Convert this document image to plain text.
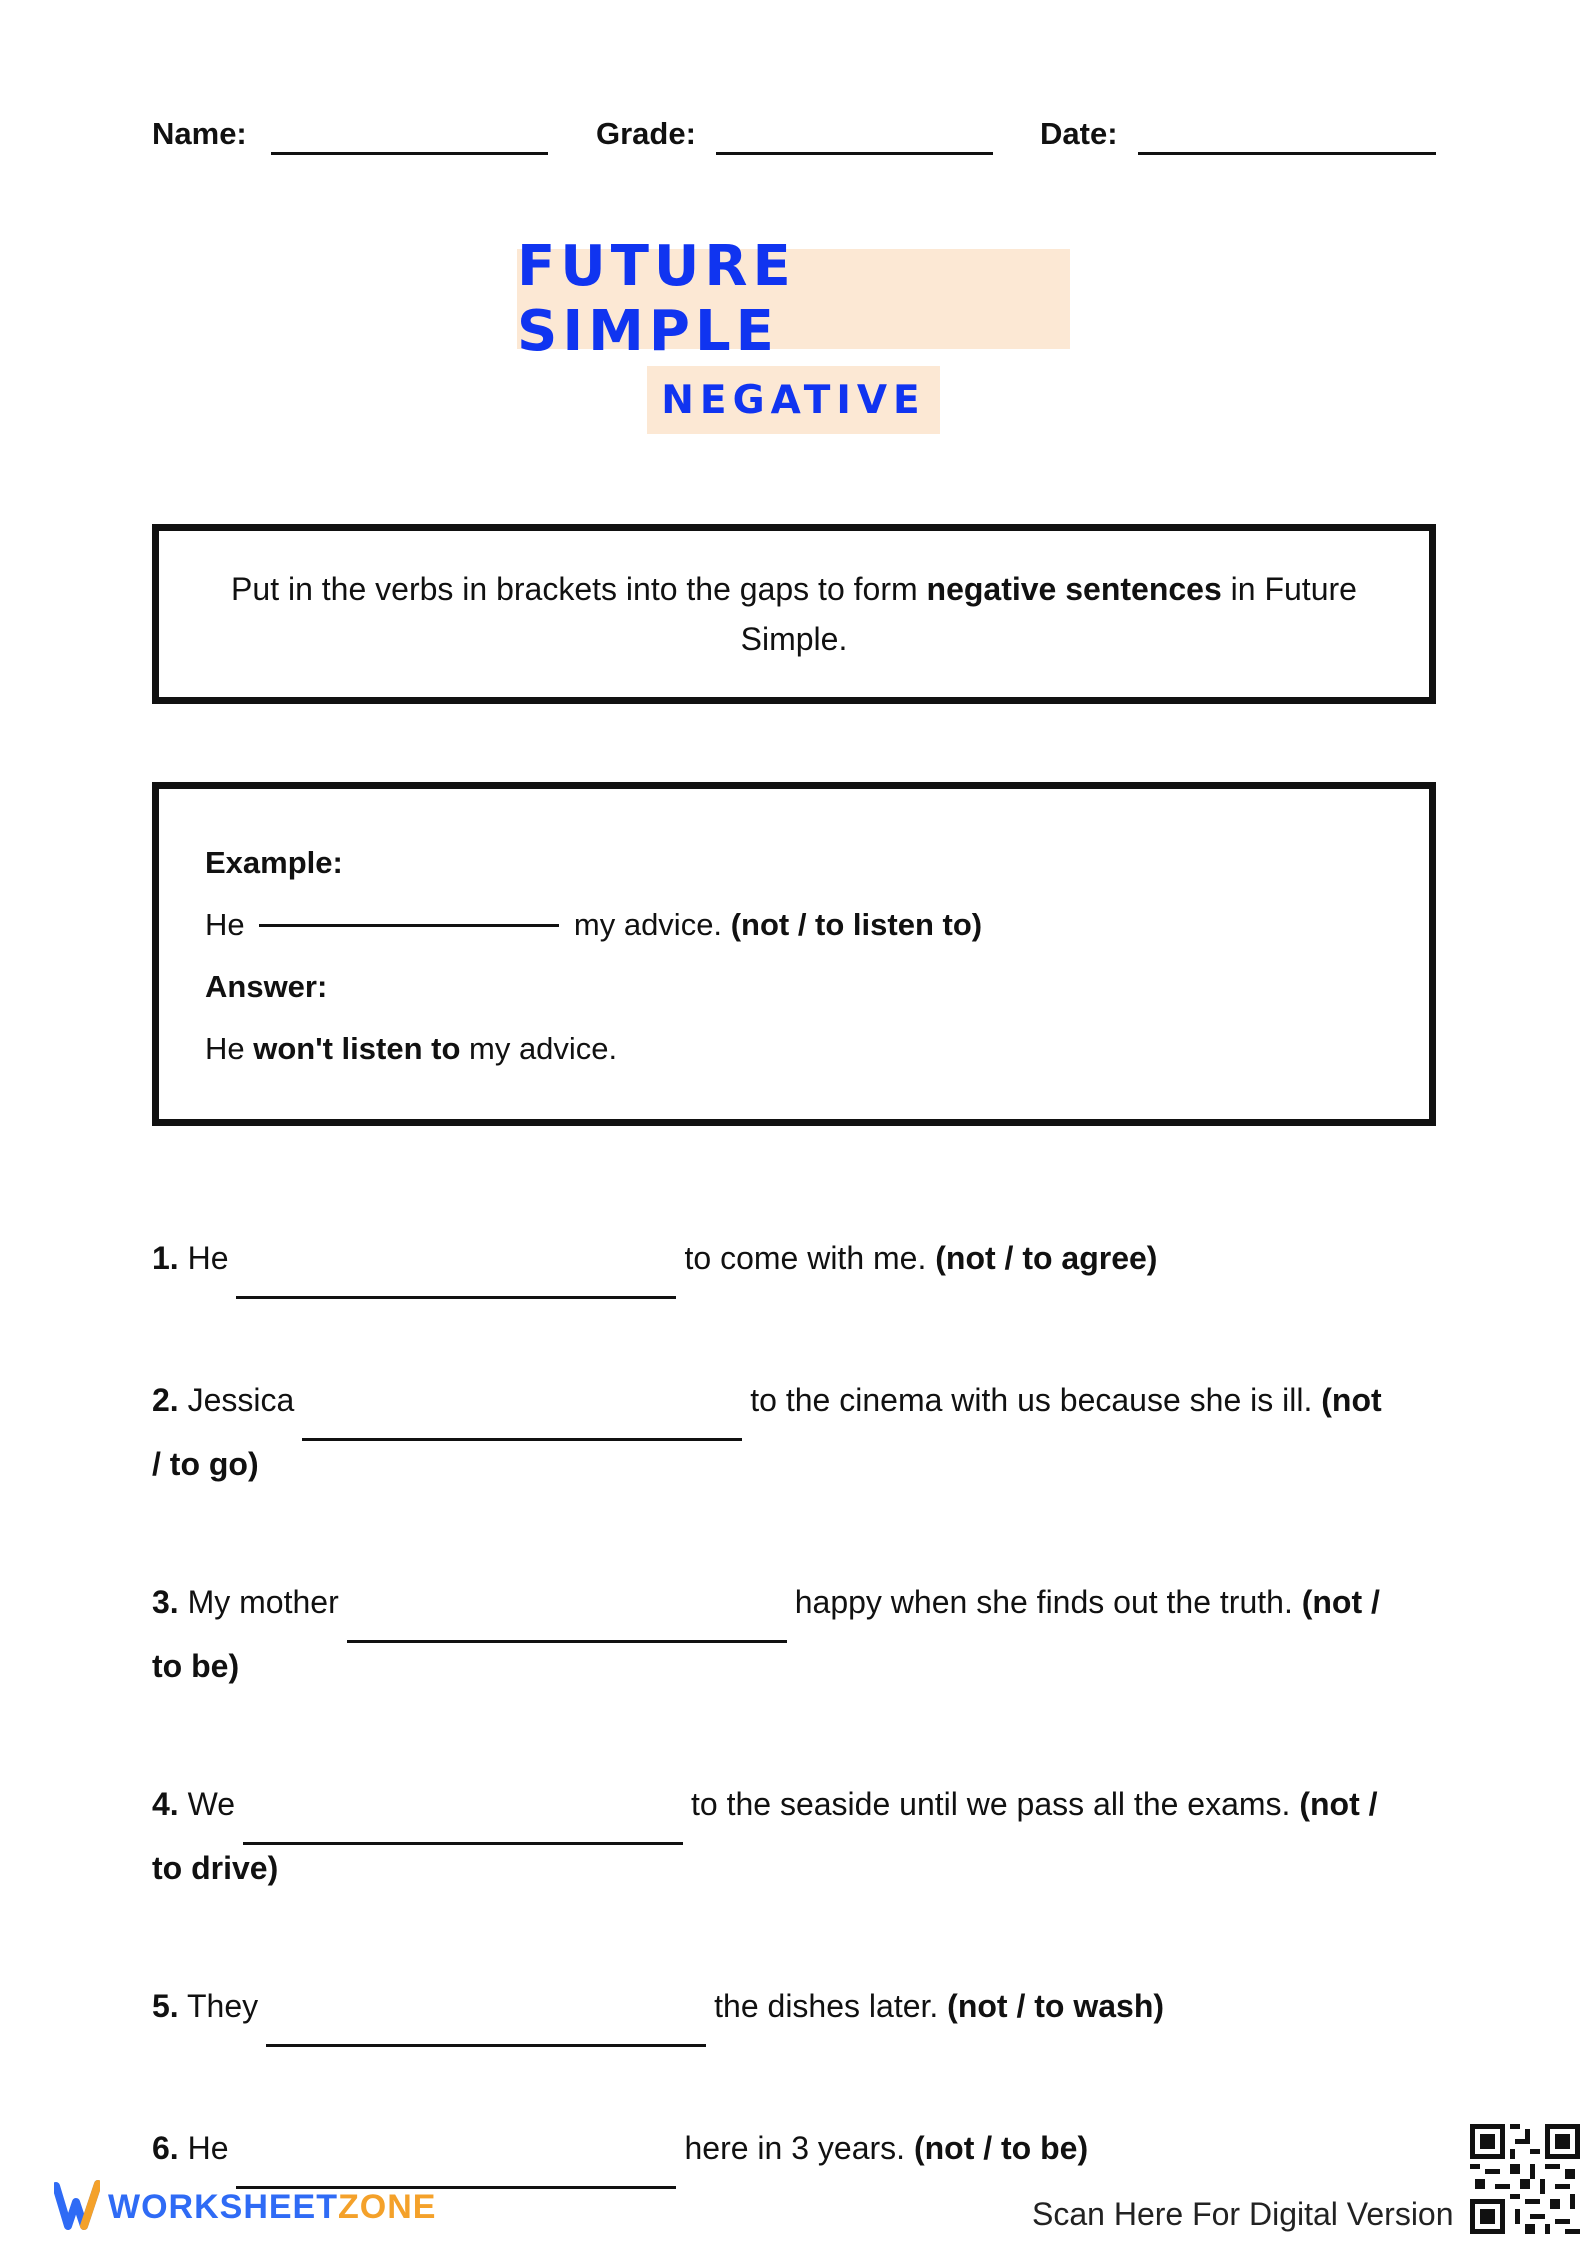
Name:	Grade:	Date:
FUTURE SIMPLE
NEGATIVE
Put in the verbs in brackets into the gaps to form negative sentences in Future Simple.
Example:
He	my advice. (not / to listen to)
Answer:
He won't listen to my advice.
1. He	to come with me. (not / to agree)
2. Jessica	to the cinema with us because she is ill. (not
/ to go)
3. My mother	happy when she finds out the truth. (not /
to be)
4. We	to the seaside until we pass all the exams. (not /
to drive)
5. They	the dishes later. (not / to wash)
6. He	here in 3 years. (not / to be)
WORKSHEETZONE	Scan Here For Digital Version
